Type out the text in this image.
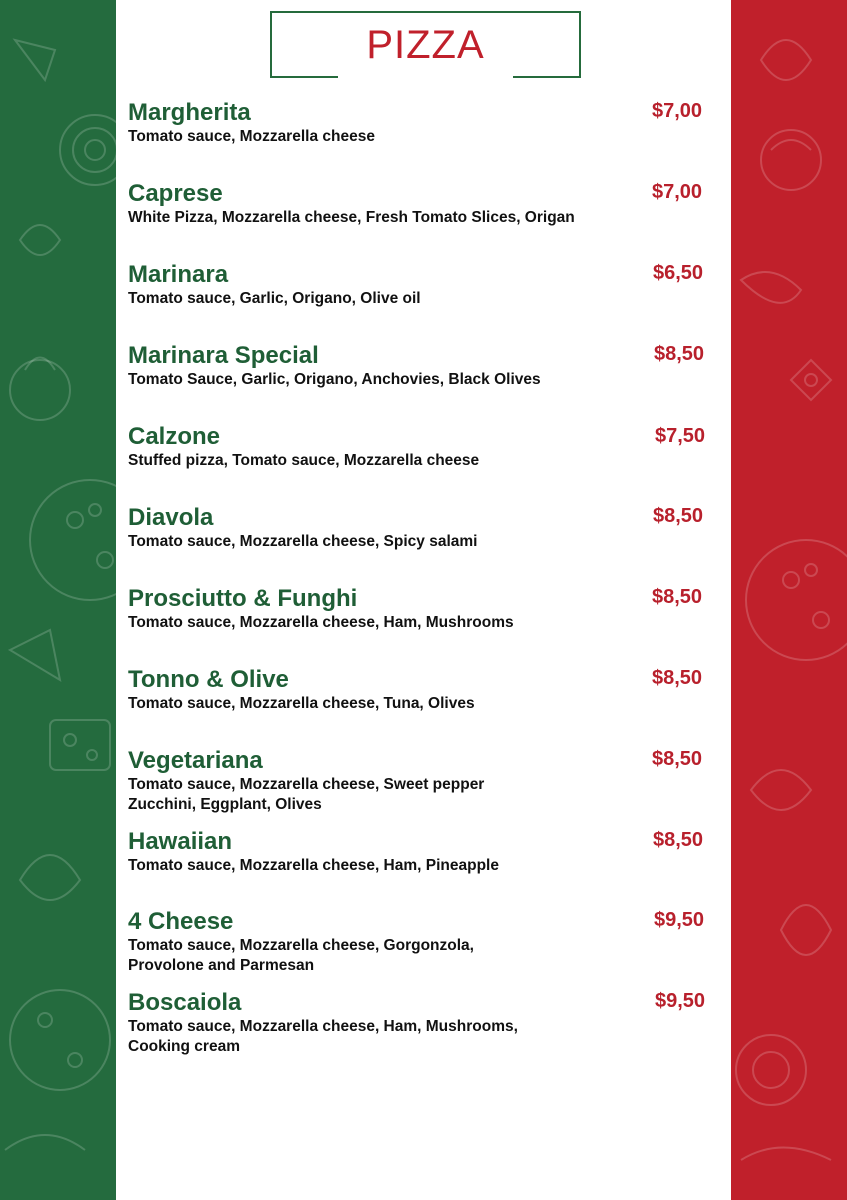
PIZZA
Margherita
Tomato sauce, Mozzarella cheese
$7,00
Caprese
White Pizza, Mozzarella cheese, Fresh Tomato Slices, Origan
$7,00
Marinara
Tomato sauce, Garlic, Origano, Olive oil
$6,50
Marinara Special
Tomato Sauce, Garlic, Origano, Anchovies, Black Olives
$8,50
Calzone
Stuffed pizza, Tomato sauce, Mozzarella cheese
$7,50
Diavola
Tomato sauce, Mozzarella cheese, Spicy salami
$8,50
Prosciutto & Funghi
Tomato sauce, Mozzarella cheese, Ham, Mushrooms
$8,50
Tonno & Olive
Tomato sauce, Mozzarella cheese, Tuna, Olives
$8,50
Vegetariana
Tomato sauce, Mozzarella cheese, Sweet pepper
Zucchini, Eggplant, Olives
$8,50
Hawaiian
Tomato sauce, Mozzarella cheese, Ham, Pineapple
$8,50
4 Cheese
Tomato sauce, Mozzarella cheese, Gorgonzola,
Provolone and Parmesan
$9,50
Boscaiola
Tomato sauce, Mozzarella cheese, Ham, Mushrooms,
Cooking cream
$9,50
